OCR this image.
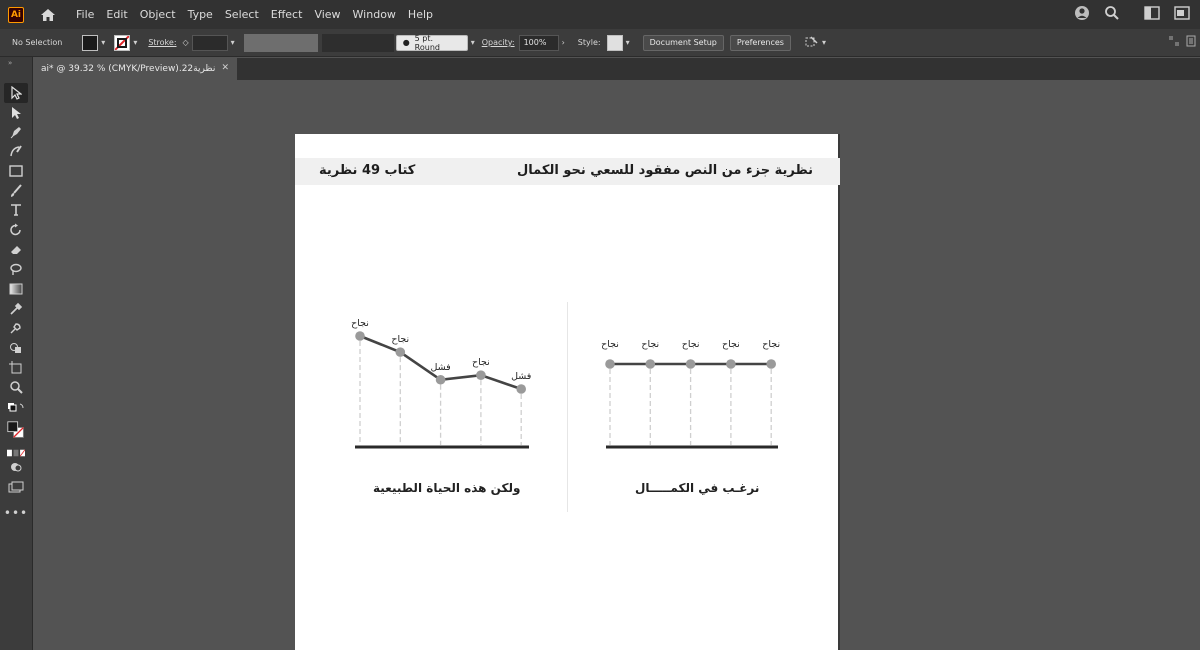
Ai	File	Edit	Object	Type	Select	Effect	View	Window	Help
No Selection	▾	▾ Stroke: ◇	▾	● 5 pt. Round	▾ Opacity:	100%	› Style:	▾	Document Setup	Preferences	▾
»
•••
نظرية22.ai* @ 39.32 % (CMYK/Preview) ✕
نظرية جزء من النص مفقود للسعي نحو الكمال
كتاب 49 نظرية
نجاح
نجاح
فشل نجاح
فشل
نجاح نجاح نجاح نجاح نجاح
ولكن هذه الحياة الطبيعية	نرغـب في الكمـــــال
